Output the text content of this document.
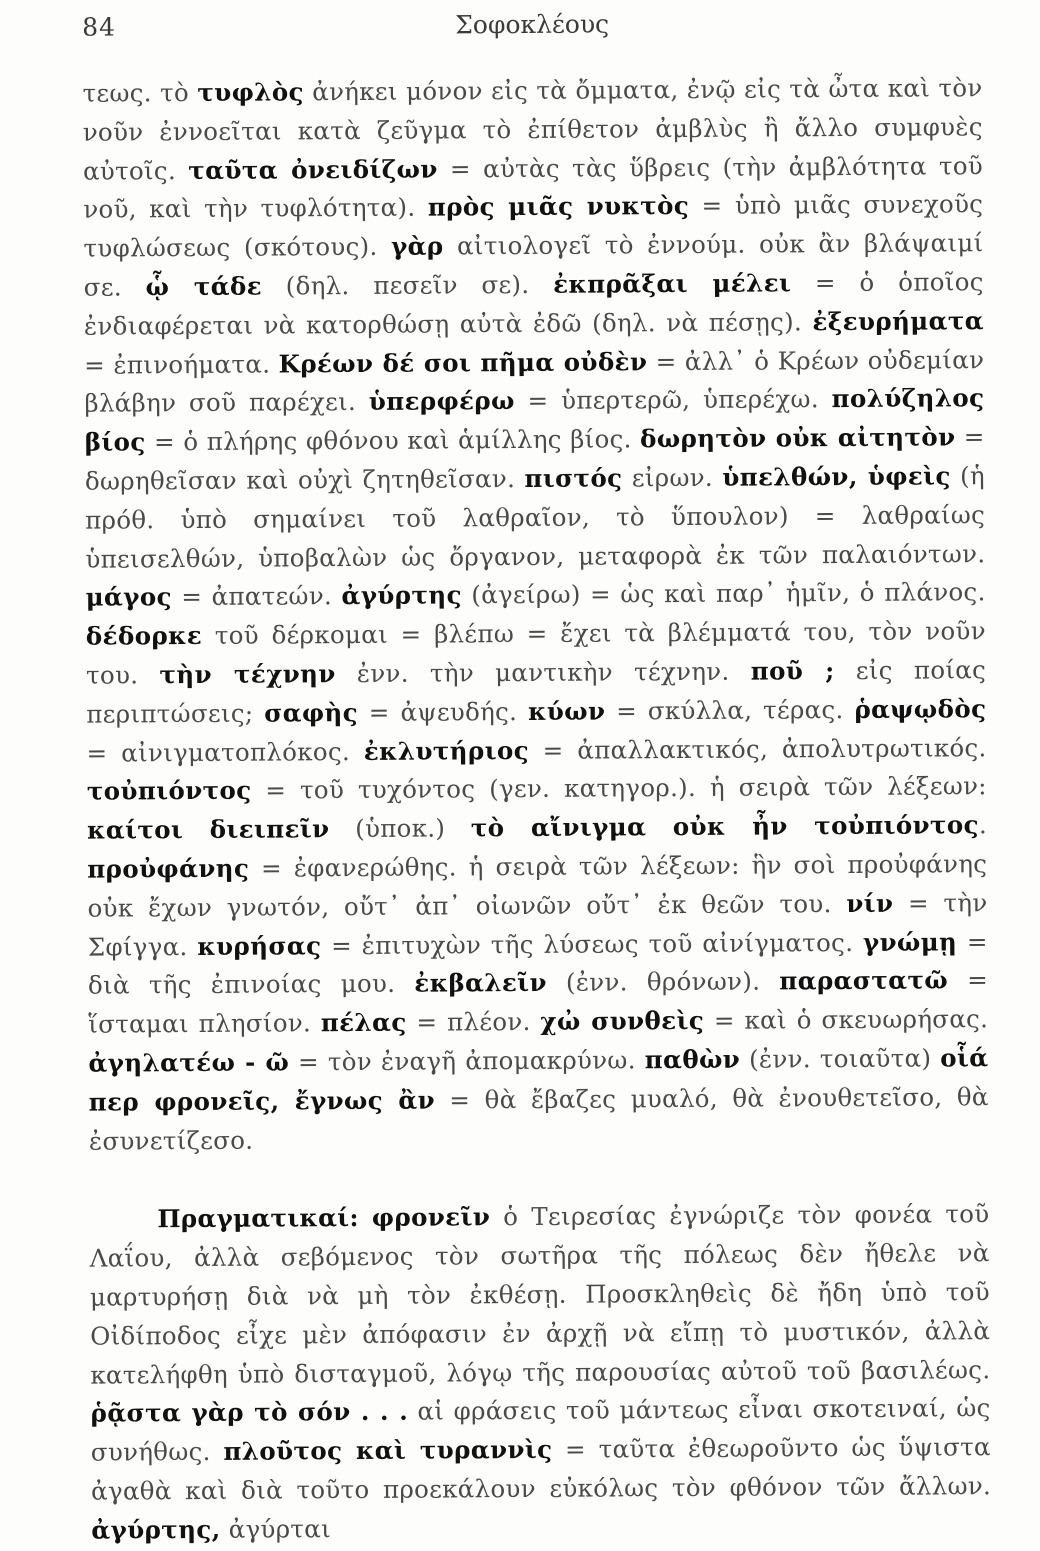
84	Σοφοκλέους

τεως. τὸ τυφλὸς ἀνήκει μόνον εἰς τὰ ὄμματα, ἐνῷ εἰς τὰ ὦτα καὶ τὸν νοῦν ἐννοεῖται κατὰ ζεῦγμα τὸ ἐπίθετον ἀμβλὺς ἢ ἄλλο συμφυὲς αὐτοῖς. ταῦτα ὀνειδίζων = αὐτὰς τὰς ὕβρεις (τὴν ἀμβλότητα τοῦ νοῦ, καὶ τὴν τυφλότητα). πρὸς μιᾶς νυκτὸς = ὑπὸ μιᾶς συνεχοῦς τυφλώσεως (σκότους). γὰρ αἰτιολογεῖ τὸ ἐννούμ. οὐκ ἂν βλάψαιμί σε. ᾧ τάδε (δηλ. πεσεῖν σε). ἐκπρᾶξαι μέλει = ὁ ὁποῖος ἐνδιαφέρεται νὰ κατορθώσῃ αὐτὰ ἐδῶ (δηλ. νὰ πέσῃς). ἐξευρήματα = ἐπινοήματα. Κρέων δέ σοι πῆμα οὐδὲν = ἀλλ᾽ ὁ Κρέων οὐδεμίαν βλάβην σοῦ παρέχει. ὑπερφέρω = ὑπερτερῶ, ὑπερέχω. πολύζηλος βίος = ὁ πλήρης φθόνου καὶ ἁμίλλης βίος. δωρητὸν οὐκ αἰτητὸν = δωρηθεῖσαν καὶ οὐχὶ ζητηθεῖσαν. πιστός εἰρων. ὑπελθών, ὑφεὶς (ἡ πρόθ. ὑπὸ σημαίνει τοῦ λαθραῖον, τὸ ὕπουλον) = λαθραίως ὑπεισελθών, ὑποβαλὼν ὡς ὄργανον, μεταφορὰ ἐκ τῶν παλαιόντων. μάγος = ἀπατεών. ἀγύρτης (ἀγείρω) = ὡς καὶ παρ᾽ ἡμῖν, ὁ πλάνος. δέδορκε τοῦ δέρκομαι = βλέπω = ἔχει τὰ βλέμματά του, τὸν νοῦν του. τὴν τέχνην ἐνν. τὴν μαντικὴν τέχνην. ποῦ ; εἰς ποίας περιπτώσεις; σαφὴς = ἀψευδής. κύων = σκύλλα, τέρας. ῥαψῳδὸς = αἰνιγματοπλόκος. ἐκλυτήριος = ἀπαλλακτικός, ἀπολυτρωτικός. τοὐπιόντος = τοῦ τυχόντος (γεν. κατηγορ.). ἡ σειρὰ τῶν λέξεων: καίτοι διειπεῖν (ὑποκ.) τὸ αἴνιγμα οὐκ ἦν τοὐπιόντος. προὐφάνης = ἐφανερώθης. ἡ σειρὰ τῶν λέξεων: ἣν σοὶ προὐφάνης οὐκ ἔχων γνωτόν, οὔτ᾽ ἀπ᾽ οἰωνῶν οὔτ᾽ ἐκ θεῶν του. νίν = τὴν Σφίγγα. κυρήσας = ἐπιτυχὼν τῆς λύσεως τοῦ αἰνίγματος. γνώμῃ = διὰ τῆς ἐπινοίας μου. ἐκβαλεῖν (ἐνν. θρόνων). παραστατῶ = ἵσταμαι πλησίον. πέλας = πλέον. χὠ συνθεὶς = καὶ ὁ σκευωρήσας. ἀγηλατέω - ῶ = τὸν ἐναγῆ ἀπομακρύνω. παθὼν (ἐνν. τοιαῦτα) οἷά περ φρονεῖς, ἔγνως ἂν = θὰ ἔβαζες μυαλό, θὰ ἐνουθετεῖσο, θὰ ἐσυνετίζεσο.

Πραγματικαί: φρονεῖν ὁ Τειρεσίας ἐγνώριζε τὸν φονέα τοῦ Λαΐου, ἀλλὰ σεβόμενος τὸν σωτῆρα τῆς πόλεως δὲν ἤθελε νὰ μαρτυρήσῃ διὰ νὰ μὴ τὸν ἐκθέσῃ. Προσκληθεὶς δὲ ἤδη ὑπὸ τοῦ Οἰδίποδος εἶχε μὲν ἀπόφασιν ἐν ἀρχῇ νὰ εἴπῃ τὸ μυστικόν, ἀλλὰ κατελήφθη ὑπὸ δισταγμοῦ, λόγῳ τῆς παρουσίας αὐτοῦ τοῦ βασιλέως. ῥᾷστα γὰρ τὸ σόν . . . αἱ φράσεις τοῦ μάντεως εἶναι σκοτειναί, ὡς συνήθως. πλοῦτος καὶ τυραννὶς = ταῦτα ἐθεωροῦντο ὡς ὕψιστα ἀγαθὰ καὶ διὰ τοῦτο προεκάλουν εὐκόλως τὸν φθόνον τῶν ἄλλων. ἀγύρτης, ἀγύρται
